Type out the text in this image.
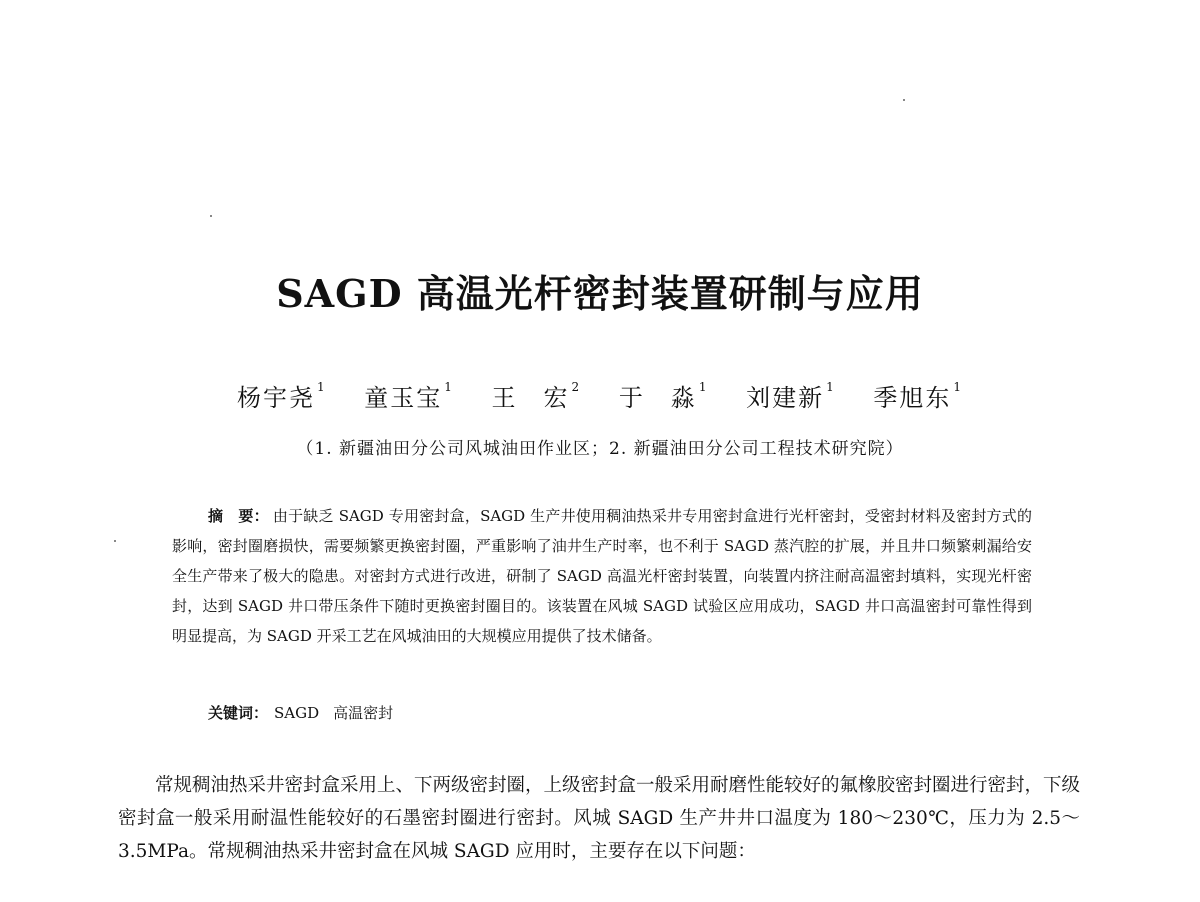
SAGD 高温光杆密封装置研制与应用
杨宇尧 $^1$ 童玉宝 $^1$ 王　宏 $^2$ 于　淼 $^1$ 刘建新 $^1$ 季旭东 $^1$
（1. 新疆油田分公司风城油田作业区；2. 新疆油田分公司工程技术研究院）
摘　要： 由于缺乏 SAGD 专用密封盒，SAGD 生产井使用稠油热采井专用密封盒进行光杆密封，受密封材料及密封方式的影响，密封圈磨损快，需要频繁更换密封圈，严重影响了油井生产时率，也不利于 SAGD 蒸汽腔的扩展，并且井口频繁刺漏给安全生产带来了极大的隐患。对密封方式进行改进，研制了 SAGD 高温光杆密封装置，向装置内挤注耐高温密封填料，实现光杆密封，达到 SAGD 井口带压条件下随时更换密封圈目的。该装置在风城 SAGD 试验区应用成功，SAGD 井口高温密封可靠性得到明显提高，为 SAGD 开采工艺在风城油田的大规模应用提供了技术储备。
关键词： SAGD 高温密封

常规稠油热采井密封盒采用上、下两级密封圈，上级密封盒一般采用耐磨性能较好的氟橡胶密封圈进行密封，下级密封盒一般采用耐温性能较好的石墨密封圈进行密封。风城 SAGD 生产井井口温度为 180～230℃，压力为 2.5～3.5MPa。常规稠油热采井密封盒在风城 SAGD 应用时，主要存在以下问题：
